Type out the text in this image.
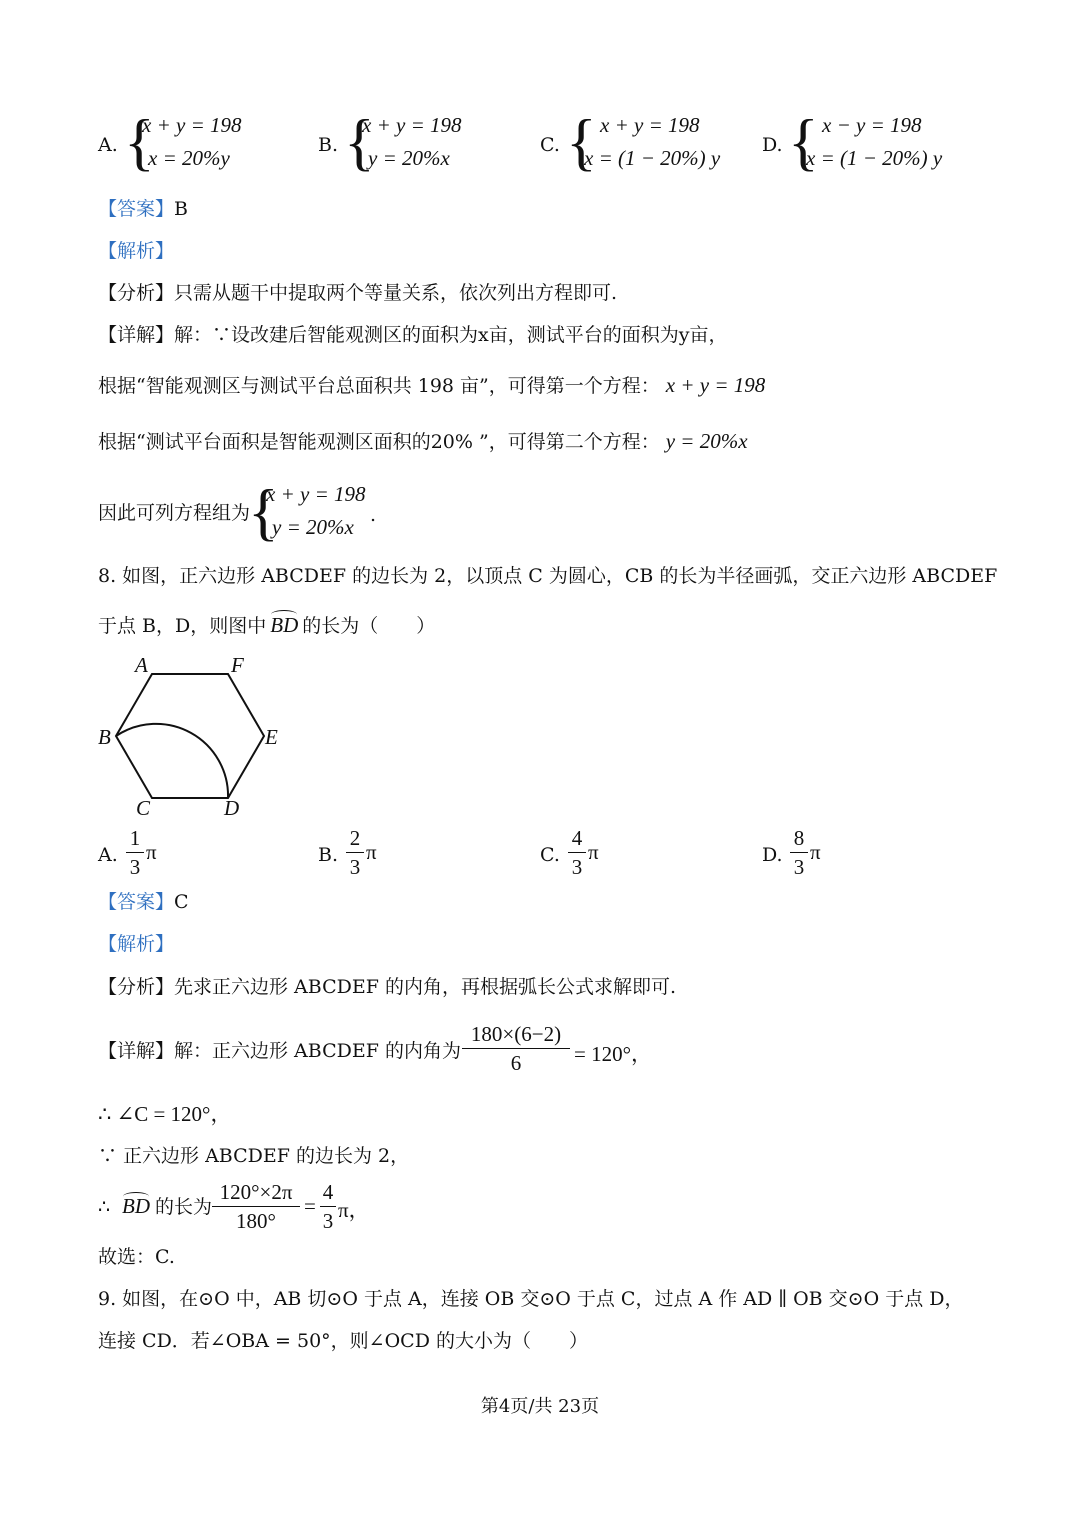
A. {
x + y = 198
x = 20%y
B. {
x + y = 198
y = 20%x
C. { x + y = 198
x = (1 − 20%) y
D. { x − y = 198
x = (1 − 20%) y
【答案】B
【解析】
【分析】只需从题干中提取两个等量关系，依次列出方程即可.
【详解】解：∵设改建后智能观测区的面积为x亩，测试平台的面积为y亩，
根据“智能观测区与测试平台总面积共 198 亩”，可得第一个方程： x + y = 198
根据“测试平台面积是智能观测区面积的20% ”，可得第二个方程： y = 20%x
因此可列方程组为
{
x + y = 198
y = 20%x .
8. 如图，正六边形 ABCDEF 的边长为 2，以顶点 C 为圆心，CB 的长为半径画弧，交正六边形 ABCDEF
于点 B，D，则图中 BD 的长为（　　）
A	F
B	E
C	D
A.
1
3
π	B.
2
3
π	C.
4
3
π	D.
8
3
π
【答案】C
【解析】
【分析】先求正六边形 ABCDEF 的内角，再根据弧长公式求解即可.
【详解】解：正六边形 ABCDEF 的内角为
180×(6−2)
6	= 120°，
∴ ∠C = 120°，
∵ 正六边形 ABCDEF 的边长为 2，
∴ BD 的长为
120°×2π
180°
=
4
3 π，
故选：C.
9. 如图，在⊙O 中，AB 切⊙O 于点 A，连接 OB 交⊙O 于点 C，过点 A 作 AD ∥ OB 交⊙O 于点 D，
连接 CD．若∠OBA = 50°，则∠OCD 的大小为（　　）
第4页/共 23页
